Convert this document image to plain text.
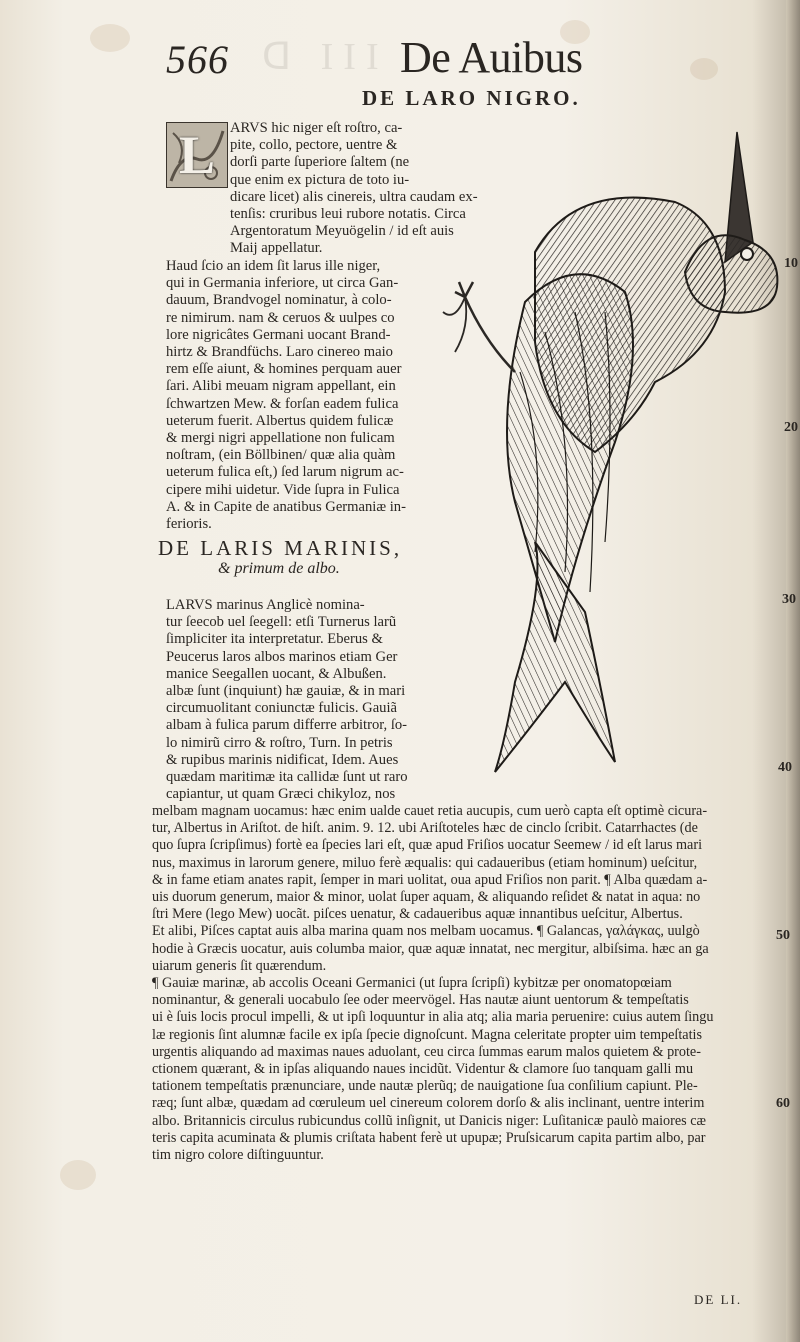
ᗡ III
566	De Auibus
DE LARO NIGRO.
L	ARVS hic niger eſt roſtro, ca-

pite, collo, pectore, uentre &

dorſi parte ſuperiore ſaltem (ne

que enim ex pictura de toto iu-

dicare licet) alis cinereis, ultra caudam ex-

tenſis: cruribus leui rubore notatis. Circa

Argentoratum Meyuögelin / id eſt auis

Maij appellatur.

Haud ſcio an idem ſit larus ille niger,

qui in Germania inferiore, ut circa Gan-

dauum, Brandvogel nominatur, à colo-

re nimirum. nam & ceruos & uulpes co

lore nigricâtes Germani uocant Brand-

hirtz & Brandfüchs. Laro cinereo maio

rem eſſe aiunt, & homines perquam auer

ſari. Alibi meuam nigram appellant, ein

ſchwartzen Mew. & forſan eadem fulica

ueterum fuerit. Albertus quidem fulicæ

& mergi nigri appellatione non fulicam

noſtram, (ein Böllbinen/ quæ alia quàm

ueterum fulica eſt,) ſed larum nigrum ac-

cipere mihi uidetur. Vide ſupra in Fulica

A. & in Capite de anatibus Germaniæ in-

ferioris.

DE LARIS MARINIS,
& primum de albo.

LARVS marinus Anglicè nomina-

tur ſeecob uel ſeegell: etſi Turnerus larũ

ſimpliciter ita interpretatur. Eberus &

Peucerus laros albos marinos etiam Ger

manice Seegallen uocant, & Albußen.

albæ ſunt (inquiunt) hæ gauiæ, & in mari

circumuolitant coniunctæ fulicis. Gauiã

albam à fulica parum differre arbitror, ſo-

lo nimirũ cirro & roſtro, Turn. In petris

& rupibus marinis nidificat, Idem. Aues

quædam maritimæ ita callidæ ſunt ut raro

capiantur, ut quam Græci chikyloz, nos

melbam magnam uocamus: hæc enim ualde cauet retia aucupis, cum uerò capta eſt optimè cicura-

tur, Albertus in Ariſtot. de hiſt. anim. 9. 12. ubi Ariſtoteles hæc de cinclo ſcribit. Catarrhactes (de

quo ſupra ſcripſimus) fortè ea ſpecies lari eſt, quæ apud Friſios uocatur Seemew / id eſt larus mari

nus, maximus in larorum genere, miluo ferè æqualis: qui cadaueribus (etiam hominum) ueſcitur,

& in fame etiam anates rapit, ſemper in mari uolitat, oua apud Friſios non parit. ¶ Alba quædam a-

uis duorum generum, maior & minor, uolat ſuper aquam, & aliquando reſidet & natat in aqua: no

ſtri Mere (lego Mew) uocãt. piſces uenatur, & cadaueribus aquæ innantibus ueſcitur, Albertus.

Et alibi, Piſces captat auis alba marina quam nos melbam uocamus. ¶ Galancas, γαλάγκας, uulgò

hodie à Græcis uocatur, auis columba maior, quæ aquæ innatat, nec mergitur, albiſsima. hæc an ga

uiarum generis ſit quærendum.

¶ Gauiæ marinæ, ab accolis Oceani Germanici (ut ſupra ſcripſi) kybitzæ per onomatopœiam

nominantur, & generali uocabulo ſee oder meervögel. Has nautæ aiunt uentorum & tempeſtatis

ui è ſuis locis procul impelli, & ut ipſi loquuntur in alia atq; alia maria peruenire: cuius autem ſingu

læ regionis ſint alumnæ facile ex ipſa ſpecie dignoſcunt. Magna celeritate propter uim tempeſtatis

urgentis aliquando ad maximas naues aduolant, ceu circa ſummas earum malos quietem & prote-

ctionem quærant, & in ipſas aliquando naues incidũt. Videntur & clamore ſuo tanquam galli mu

tationem tempeſtatis prænunciare, unde nautæ plerũq; de nauigatione ſua conſilium capiunt. Ple-

ræq; ſunt albæ, quædam ad cœruleum uel cinereum colorem dorſo & alis inclinant, uentre interim

albo. Britannicis circulus rubicundus collũ inſignit, ut Danicis niger: Luſitanicæ paulò maiores cæ

teris capita acuminata & plumis criſtata habent ferè ut upupæ; Pruſsicarum capita partim albo, par

tim nigro colore diſtinguuntur.

DE LI.
10
20
30
40
50
60
